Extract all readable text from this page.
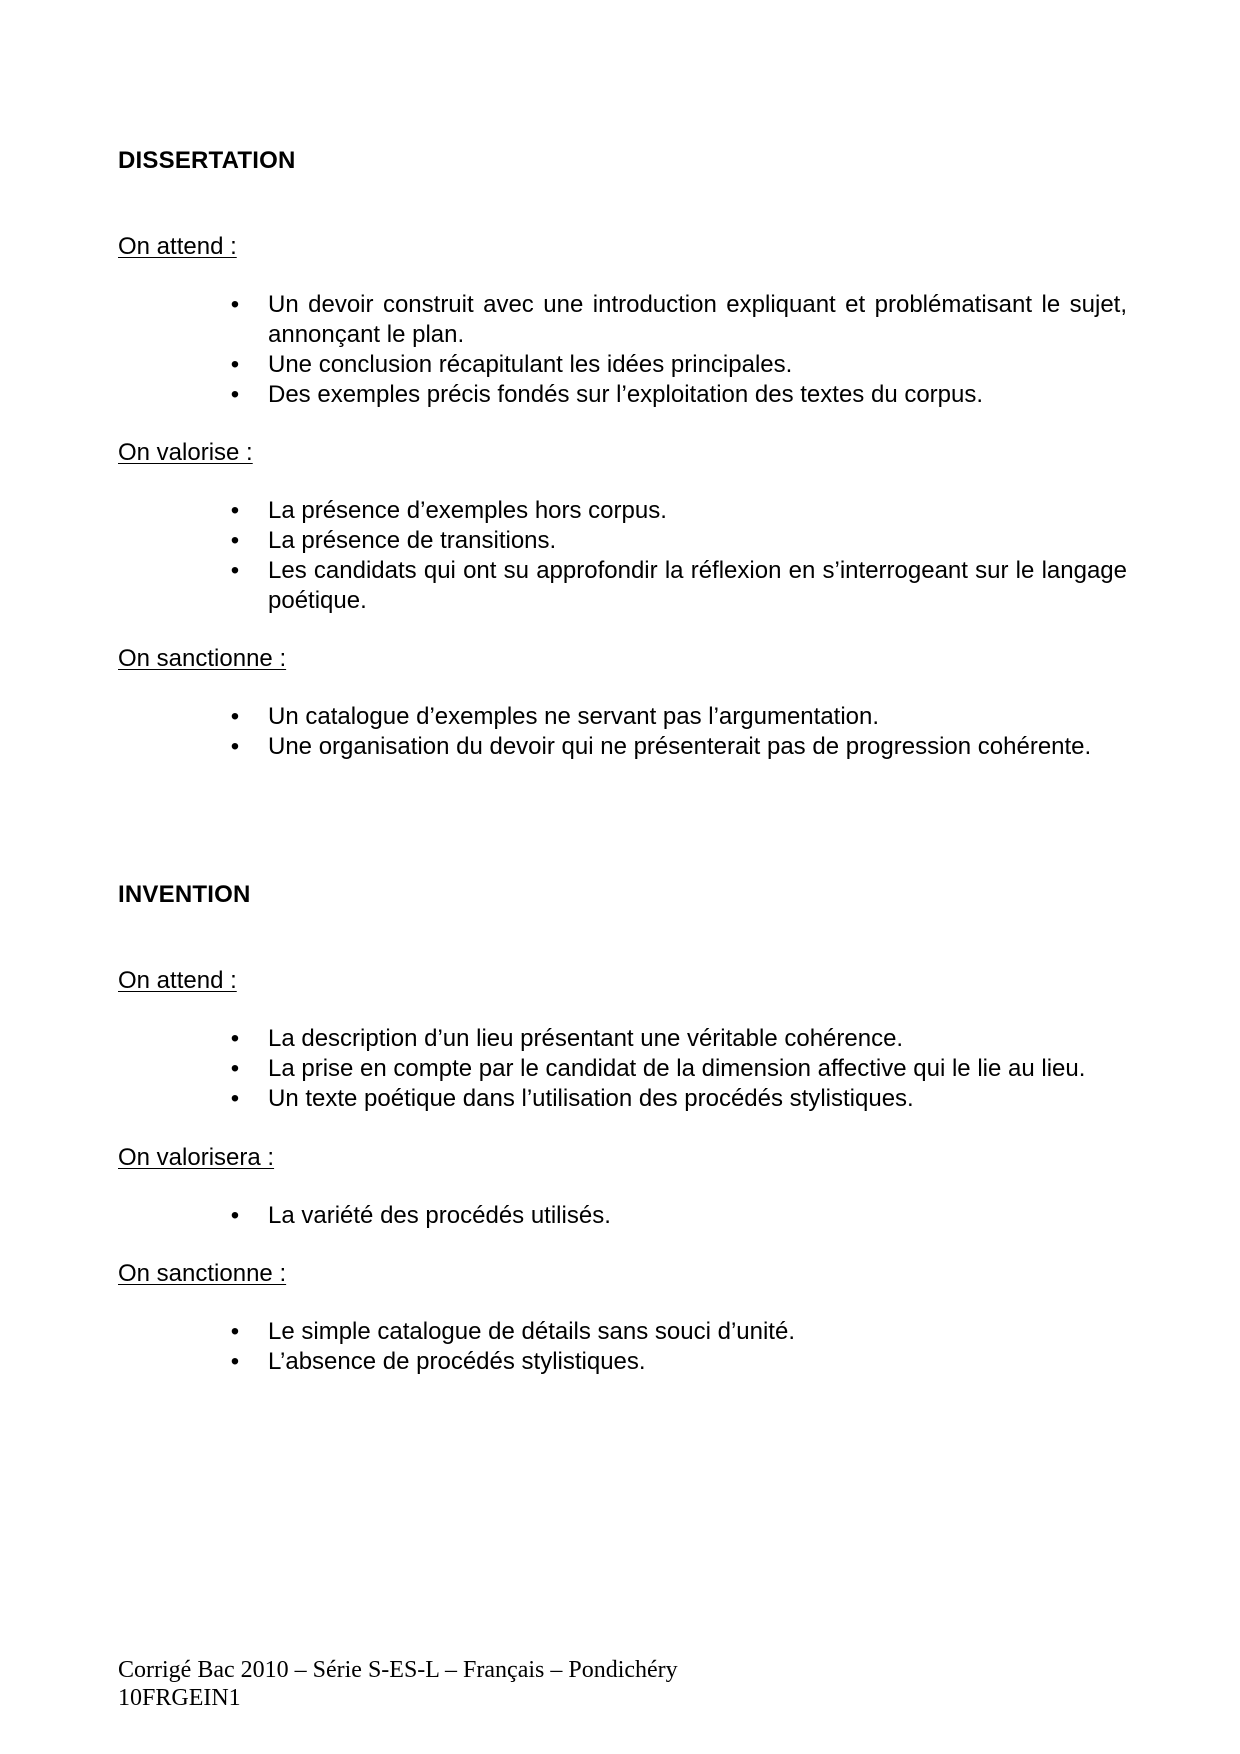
DISSERTATION
On attend :
• Un devoir construit avec une introduction expliquant et problématisant le sujet, annonçant le plan.
• Une conclusion récapitulant les idées principales.
• Des exemples précis fondés sur l’exploitation des textes du corpus.
On valorise :
• La présence d’exemples hors corpus.
• La présence de transitions.
• Les candidats qui ont su approfondir la réflexion en s’interrogeant sur le langage poétique.
On sanctionne :
• Un catalogue d’exemples ne servant pas l’argumentation.
• Une organisation du devoir qui ne présenterait pas de progression cohérente.
INVENTION
On attend :
• La description d’un lieu présentant une véritable cohérence.
• La prise en compte par le candidat de la dimension affective qui le lie au lieu.
• Un texte poétique dans l’utilisation des procédés stylistiques.
On valorisera :
• La variété des procédés utilisés.
On sanctionne :
• Le simple catalogue de détails sans souci d’unité.
• L’absence de procédés stylistiques.
Corrigé Bac 2010 – Série S-ES-L – Français – Pondichéry
10FRGEIN1
